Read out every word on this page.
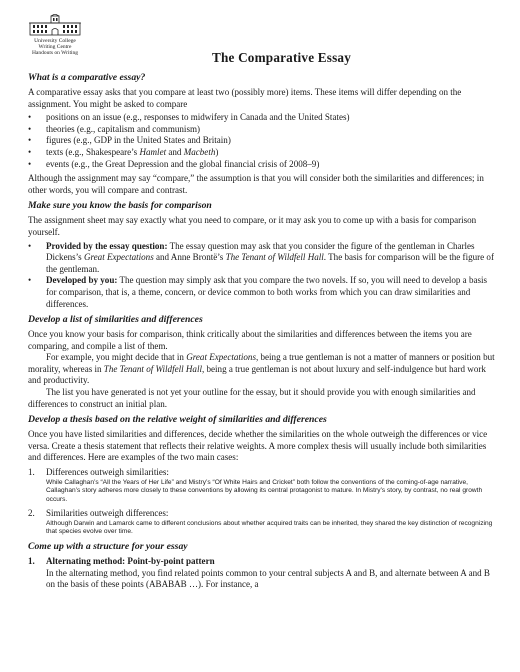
University College
Writing Centre
Handouts on Writing	The Comparative Essay
What is a comparative essay?

A comparative essay asks that you compare at least two (possibly more) items. These items will differ depending on the assignment. You might be asked to compare

• positions on an issue (e.g., responses to midwifery in Canada and the United States)
• theories (e.g., capitalism and communism)
• figures (e.g., GDP in the United States and Britain)
• texts (e.g., Shakespeare’s Hamlet and Macbeth)
• events (e.g., the Great Depression and the global financial crisis of 2008–9)

Although the assignment may say “compare,” the assumption is that you will consider both the similarities and differences; in other words, you will compare and contrast.

Make sure you know the basis for comparison

The assignment sheet may say exactly what you need to compare, or it may ask you to come up with a basis for comparison yourself.

• Provided by the essay question: The essay question may ask that you consider the figure of the gentleman in Charles Dickens’s Great Expectations and Anne Brontë’s The Tenant of Wildfell Hall. The basis for comparison will be the figure of the gentleman.
• Developed by you: The question may simply ask that you compare the two novels. If so, you will need to develop a basis for comparison, that is, a theme, concern, or device common to both works from which you can draw similarities and differences.
Develop a list of similarities and differences

Once you know your basis for comparison, think critically about the similarities and differences between the items you are comparing, and compile a list of them.

For example, you might decide that in Great Expectations, being a true gentleman is not a matter of manners or position but morality, whereas in The Tenant of Wildfell Hall, being a true gentleman is not about luxury and self-indulgence but hard work and productivity.

The list you have generated is not yet your outline for the essay, but it should provide you with enough similarities and differences to construct an initial plan.

Develop a thesis based on the relative weight of similarities and differences

Once you have listed similarities and differences, decide whether the similarities on the whole outweigh the differences or vice versa. Create a thesis statement that reflects their relative weights. A more complex thesis will usually include both similarities and differences. Here are examples of the two main cases:

1. Differences outweigh similarities:

While Callaghan’s “All the Years of Her Life” and Mistry’s “Of White Hairs and Cricket” both follow the conventions of the coming-of-age narrative, Callaghan’s story adheres more closely to these conventions by allowing its central protagonist to mature. In Mistry’s story, by contrast, no real growth occurs.

2. Similarities outweigh differences:

Although Darwin and Lamarck came to different conclusions about whether acquired traits can be inherited, they shared the key distinction of recognizing that species evolve over time.

Come up with a structure for your essay
1. Alternating method: Point-by-point pattern

In the alternating method, you find related points common to your central subjects A and B, and alternate between A and B on the basis of these points (ABABAB …). For instance, a
